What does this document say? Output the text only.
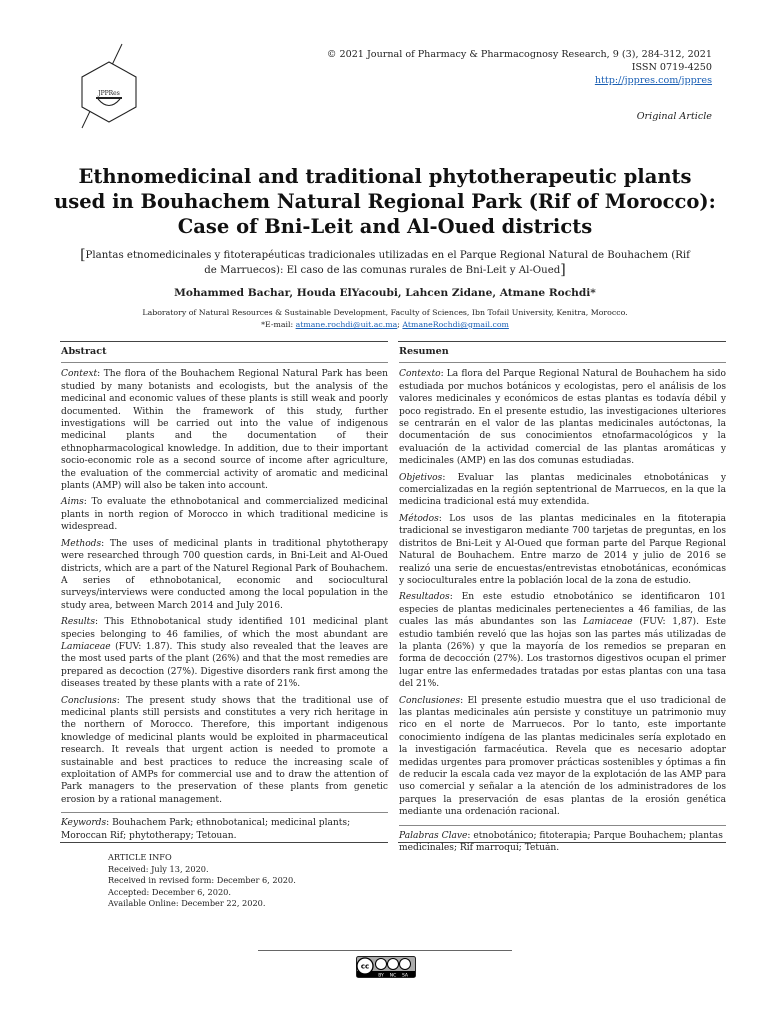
JPPRes
© 2021 Journal of Pharmacy & Pharmacognosy Research, 9 (3), 284-312, 2021
ISSN 0719-4250
http://jppres.com/jppres
Original Article
Ethnomedicinal and traditional phytotherapeutic plants used in Bouhachem Natural Regional Park (Rif of Morocco): Case of Bni-Leit and Al-Oued districts
[Plantas etnomedicinales y fitoterapéuticas tradicionales utilizadas en el Parque Regional Natural de Bouhachem (Rif de Marruecos): El caso de las comunas rurales de Bni-Leit y Al-Oued]
Mohammed Bachar, Houda ElYacoubi, Lahcen Zidane, Atmane Rochdi*
Laboratory of Natural Resources & Sustainable Development, Faculty of Sciences, Ibn Tofail University, Kenitra, Morocco.
*E-mail: atmane.rochdi@uit.ac.ma; AtmaneRochdi@gmail.com
Abstract

Context: The flora of the Bouhachem Regional Natural Park has been studied by many botanists and ecologists, but the analysis of the medicinal and economic values of these plants is still weak and poorly documented. Within the framework of this study, further investigations will be carried out into the value of indigenous medicinal plants and the documentation of their ethnopharmacological knowledge. In addition, due to their important socio-economic role as a second source of income after agriculture, the evaluation of the commercial activity of aromatic and medicinal plants (AMP) will also be taken into account.

Aims: To evaluate the ethnobotanical and commercialized medicinal plants in north region of Morocco in which traditional medicine is widespread.

Methods: The uses of medicinal plants in traditional phytotherapy were researched through 700 question cards, in Bni-Leit and Al-Oued districts, which are a part of the Naturel Regional Park of Bouhachem. A series of ethnobotanical, economic and sociocultural surveys/interviews were conducted among the local population in the study area, between March 2014 and July 2016.

Results: This Ethnobotanical study identified 101 medicinal plant species belonging to 46 families, of which the most abundant are Lamiaceae (FUV: 1.87). This study also revealed that the leaves are the most used parts of the plant (26%) and that the most remedies are prepared as decoction (27%). Digestive disorders rank first among the diseases treated by these plants with a rate of 21%.

Conclusions: The present study shows that the traditional use of medicinal plants still persists and constitutes a very rich heritage in the northern of Morocco. Therefore, this important indigenous knowledge of medicinal plants would be exploited in pharmaceutical research. It reveals that urgent action is needed to promote a sustainable and best practices to reduce the increasing scale of exploitation of AMPs for commercial use and to draw the attention of Park managers to the preservation of these plants from genetic erosion by a rational management.

Keywords: Bouhachem Park; ethnobotanical; medicinal plants; Moroccan Rif; phytotherapy; Tetouan.

Resumen

Contexto: La flora del Parque Regional Natural de Bouhachem ha sido estudiada por muchos botánicos y ecologistas, pero el análisis de los valores medicinales y económicos de estas plantas es todavía débil y poco registrado. En el presente estudio, las investigaciones ulteriores se centrarán en el valor de las plantas medicinales autóctonas, la documentación de sus conocimientos etnofarmacológicos y la evaluación de la actividad comercial de las plantas aromáticas y medicinales (AMP) en las dos comunas estudiadas.

Objetivos: Evaluar las plantas medicinales etnobotánicas y comercializadas en la región septentrional de Marruecos, en la que la medicina tradicional está muy extendida.

Métodos: Los usos de las plantas medicinales en la fitoterapia tradicional se investigaron mediante 700 tarjetas de preguntas, en los distritos de Bni-Leit y Al-Oued que forman parte del Parque Regional Natural de Bouhachem. Entre marzo de 2014 y julio de 2016 se realizó una serie de encuestas/entrevistas etnobotánicas, económicas y socioculturales entre la población local de la zona de estudio.

Resultados: En este estudio etnobotánico se identificaron 101 especies de plantas medicinales pertenecientes a 46 familias, de las cuales las más abundantes son las Lamiaceae (FUV: 1,87). Este estudio también reveló que las hojas son las partes más utilizadas de la planta (26%) y que la mayoría de los remedios se preparan en forma de decocción (27%). Los trastornos digestivos ocupan el primer lugar entre las enfermedades tratadas por estas plantas con una tasa del 21%.

Conclusiones: El presente estudio muestra que el uso tradicional de las plantas medicinales aún persiste y constituye un patrimonio muy rico en el norte de Marruecos. Por lo tanto, este importante conocimiento indígena de las plantas medicinales sería explotado en la investigación farmacéutica. Revela que es necesario adoptar medidas urgentes para promover prácticas sostenibles y óptimas a fin de reducir la escala cada vez mayor de la explotación de las AMP para uso comercial y señalar a la atención de los administradores de los parques la preservación de esas plantas de la erosión genética mediante una ordenación racional.

Palabras Clave: etnobotánico; fitoterapia; Parque Bouhachem; plantas medicinales; Rif marroquí; Tetuán.

ARTICLE INFO
Received: July 13, 2020.
Received in revised form: December 6, 2020.
Accepted: December 6, 2020.
Available Online: December 22, 2020.
cc
BY NC SA
